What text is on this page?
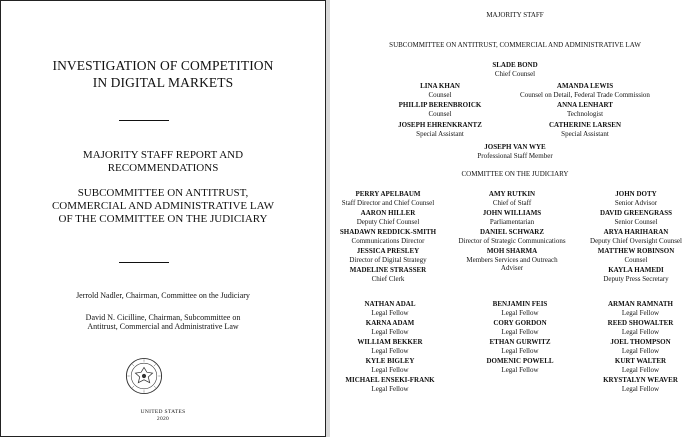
INVESTIGATION OF COMPETITION
IN DIGITAL MARKETS
MAJORITY STAFF REPORT AND
RECOMMENDATIONS
SUBCOMMITTEE ON ANTITRUST,
COMMERCIAL AND ADMINISTRATIVE LAW
OF THE COMMITTEE ON THE JUDICIARY
Jerrold Nadler, Chairman, Committee on the Judiciary
David N. Cicilline, Chairman, Subcommittee on
Antitrust, Commercial and Administrative Law
UNITED STATES
2020
MAJORITY STAFF
SUBCOMMITTEE ON ANTITRUST, COMMERCIAL AND ADMINISTRATIVE LAW
SLADE BOND
Chief Counsel
LINA KHAN
Counsel
AMANDA LEWIS
Counsel on Detail, Federal Trade Commission
PHILLIP BERENBROICK
Counsel
ANNA LENHART
Technologist
JOSEPH EHRENKRANTZ
Special Assistant
CATHERINE LARSEN
Special Assistant
JOSEPH VAN WYE
Professional Staff Member
COMMITTEE ON THE JUDICIARY
PERRY APELBAUM
Staff Director and Chief Counsel
AMY RUTKIN
Chief of Staff
JOHN DOTY
Senior Advisor
AARON HILLER
Deputy Chief Counsel
JOHN WILLIAMS
Parliamentarian
DAVID GREENGRASS
Senior Counsel
SHADAWN REDDICK-SMITH
Communications Director
DANIEL SCHWARZ
Director of Strategic Communications
ARYA HARIHARAN
Deputy Chief Oversight Counsel
JESSICA PRESLEY
Director of Digital Strategy
MOH SHARMA
Members Services and Outreach
Adviser
MATTHEW ROBINSON
Counsel
MADELINE STRASSER
Chief Clerk
KAYLA HAMEDI
Deputy Press Secretary
NATHAN ADAL
Legal Fellow
BENJAMIN FEIS
Legal Fellow
ARMAN RAMNATH
Legal Fellow
KARNA ADAM
Legal Fellow
CORY GORDON
Legal Fellow
REED SHOWALTER
Legal Fellow
WILLIAM BEKKER
Legal Fellow
ETHAN GURWITZ
Legal Fellow
JOEL THOMPSON
Legal Fellow
KYLE BIGLEY
Legal Fellow
DOMENIC POWELL
Legal Fellow
KURT WALTER
Legal Fellow
MICHAEL ENSEKI-FRANK
Legal Fellow
KRYSTALYN WEAVER
Legal Fellow
